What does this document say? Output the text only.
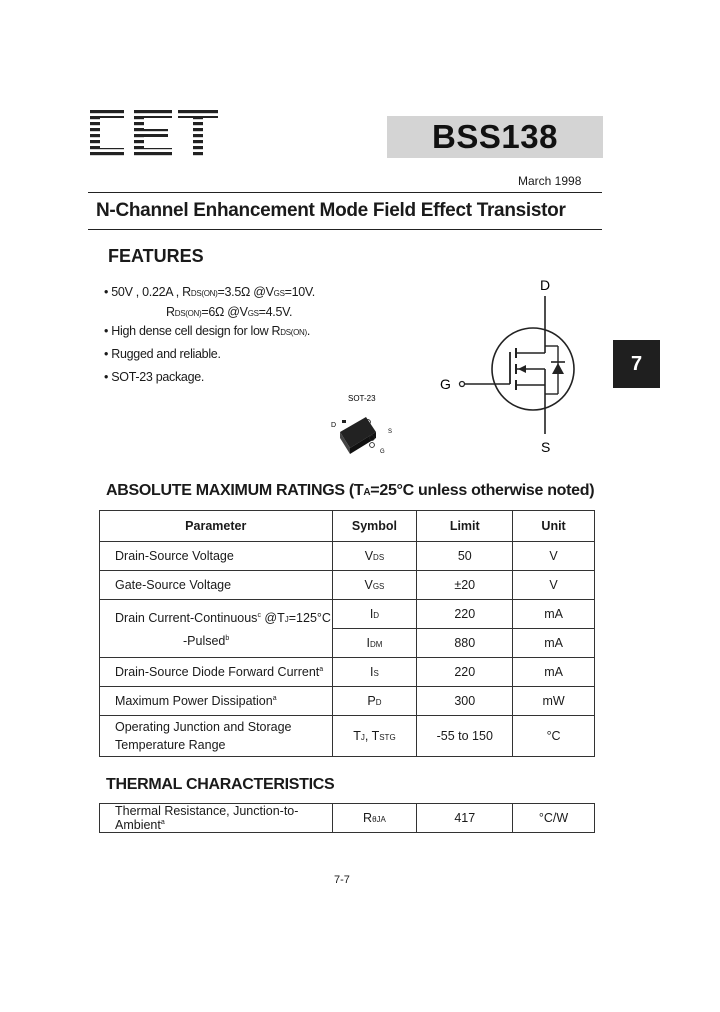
BSS138
March 1998
N-Channel Enhancement Mode Field Effect Transistor
FEATURES
• 50V , 0.22A , RDS(ON)=3.5Ω @VGS=10V.
RDS(ON)=6Ω @VGS=4.5V.
• High dense cell design for low RDS(ON).
• Rugged and reliable.
• SOT-23 package.
D
G
S
SOT-23
D
S
G
7
ABSOLUTE MAXIMUM RATINGS (TA=25°C unless otherwise noted)
Parameter	Symbol	Limit	Unit
Drain-Source Voltage	VDS	50	V
Gate-Source Voltage	VGS	±20	V
Drain Current-Continuous$^c$ @TJ=125°C
-Pulsed$^b$	ID	220	mA
	IDM	880	mA
Drain-Source Diode Forward Current$^a$	IS	220	mA
Maximum Power Dissipation$^a$	PD	300	mW
Operating Junction and Storage
Temperature Range	TJ, TSTG	-55 to 150	°C
THERMAL CHARACTERISTICS
Thermal Resistance, Junction-to-Ambient$^a$	RθJA	417	°C/W
7-7
